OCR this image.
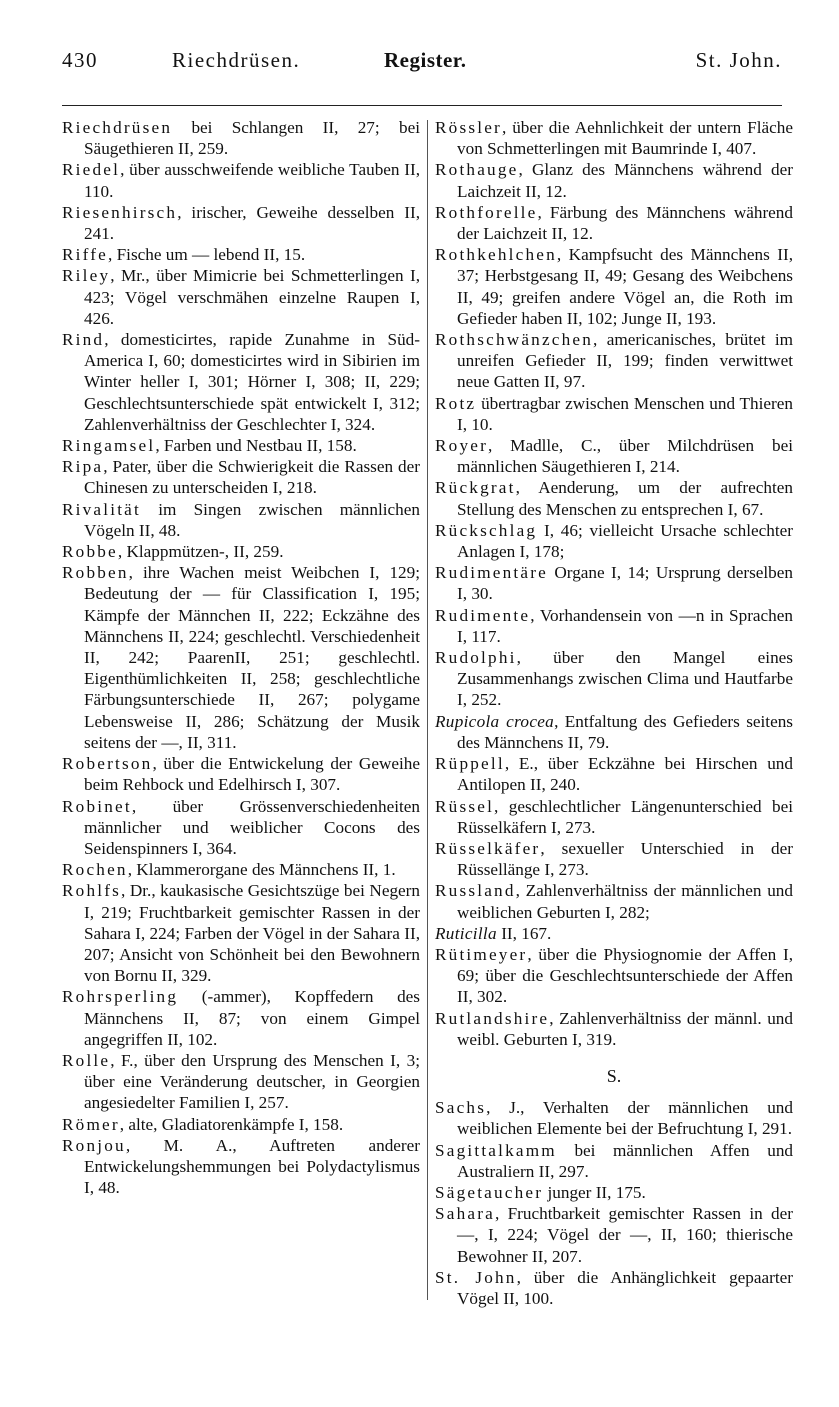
430	Riechdrüsen.	Register.	St. John.

Riechdrüsen bei Schlangen II, 27; bei Säugethieren II, 259.

Riedel, über ausschweifende weibliche Tauben II, 110.

Riesenhirsch, irischer, Geweihe desselben II, 241.

Riffe, Fische um — lebend II, 15.

Riley, Mr., über Mimicrie bei Schmetterlingen I, 423; Vögel verschmähen einzelne Raupen I, 426.

Rind, domesticirtes, rapide Zunahme in Süd-America I, 60; domesticirtes wird in Sibirien im Winter heller I, 301; Hörner I, 308; II, 229; Geschlechtsunterschiede spät entwickelt I, 312; Zahlenverhältniss der Geschlechter I, 324.

Ringamsel, Farben und Nestbau II, 158.

Ripa, Pater, über die Schwierigkeit die Rassen der Chinesen zu unterscheiden I, 218.

Rivalität im Singen zwischen männlichen Vögeln II, 48.

Robbe, Klappmützen-, II, 259.

Robben, ihre Wachen meist Weibchen I, 129; Bedeutung der — für Classification I, 195; Kämpfe der Männchen II, 222; Eckzähne des Männchens II, 224; geschlechtl. Verschiedenheit II, 242; PaarenII, 251; geschlechtl. Eigenthümlichkeiten II, 258; geschlechtliche Färbungsunterschiede II, 267; polygame Lebensweise II, 286; Schätzung der Musik seitens der —, II, 311.

Robertson, über die Entwickelung der Geweihe beim Rehbock und Edelhirsch I, 307.

Robinet, über Grössenverschiedenheiten männlicher und weiblicher Cocons des Seidenspinners I, 364.

Rochen, Klammerorgane des Männchens II, 1.

Rohlfs, Dr., kaukasische Gesichtszüge bei Negern I, 219; Fruchtbarkeit gemischter Rassen in der Sahara I, 224; Farben der Vögel in der Sahara II, 207; Ansicht von Schönheit bei den Bewohnern von Bornu II, 329.

Rohrsperling (-ammer), Kopffedern des Männchens II, 87; von einem Gimpel angegriffen II, 102.

Rolle, F., über den Ursprung des Menschen I, 3; über eine Veränderung deutscher, in Georgien angesiedelter Familien I, 257.

Römer, alte, Gladiatorenkämpfe I, 158.

Ronjou, M. A., Auftreten anderer Entwickelungshemmungen bei Polydactylismus I, 48.

Rössler, über die Aehnlichkeit der untern Fläche von Schmetterlingen mit Baumrinde I, 407.

Rothauge, Glanz des Männchens während der Laichzeit II, 12.

Rothforelle, Färbung des Männchens während der Laichzeit II, 12.

Rothkehlchen, Kampfsucht des Männchens II, 37; Herbstgesang II, 49; Gesang des Weibchens II, 49; greifen andere Vögel an, die Roth im Gefieder haben II, 102; Junge II, 193.

Rothschwänzchen, americanisches, brütet im unreifen Gefieder II, 199; finden verwittwet neue Gatten II, 97.

Rotz übertragbar zwischen Menschen und Thieren I, 10.

Royer, Madlle, C., über Milchdrüsen bei männlichen Säugethieren I, 214.

Rückgrat, Aenderung, um der aufrechten Stellung des Menschen zu entsprechen I, 67.

Rückschlag I, 46; vielleicht Ursache schlechter Anlagen I, 178;

Rudimentäre Organe I, 14; Ursprung derselben I, 30.

Rudimente, Vorhandensein von —n in Sprachen I, 117.

Rudolphi, über den Mangel eines Zusammenhangs zwischen Clima und Hautfarbe I, 252.

Rupicola crocea, Entfaltung des Gefieders seitens des Männchens II, 79.

Rüppell, E., über Eckzähne bei Hirschen und Antilopen II, 240.

Rüssel, geschlechtlicher Längenunterschied bei Rüsselkäfern I, 273.

Rüsselkäfer, sexueller Unterschied in der Rüssellänge I, 273.

Russland, Zahlenverhältniss der männlichen und weiblichen Geburten I, 282;

Ruticilla II, 167.

Rütimeyer, über die Physiognomie der Affen I, 69; über die Geschlechtsunterschiede der Affen II, 302.

Rutlandshire, Zahlenverhältniss der männl. und weibl. Geburten I, 319.

S.

Sachs, J., Verhalten der männlichen und weiblichen Elemente bei der Befruchtung I, 291.

Sagittalkamm bei männlichen Affen und Australiern II, 297.

Sägetaucher junger II, 175.

Sahara, Fruchtbarkeit gemischter Rassen in der —, I, 224; Vögel der —, II, 160; thierische Bewohner II, 207.

St. John, über die Anhänglichkeit gepaarter Vögel II, 100.
